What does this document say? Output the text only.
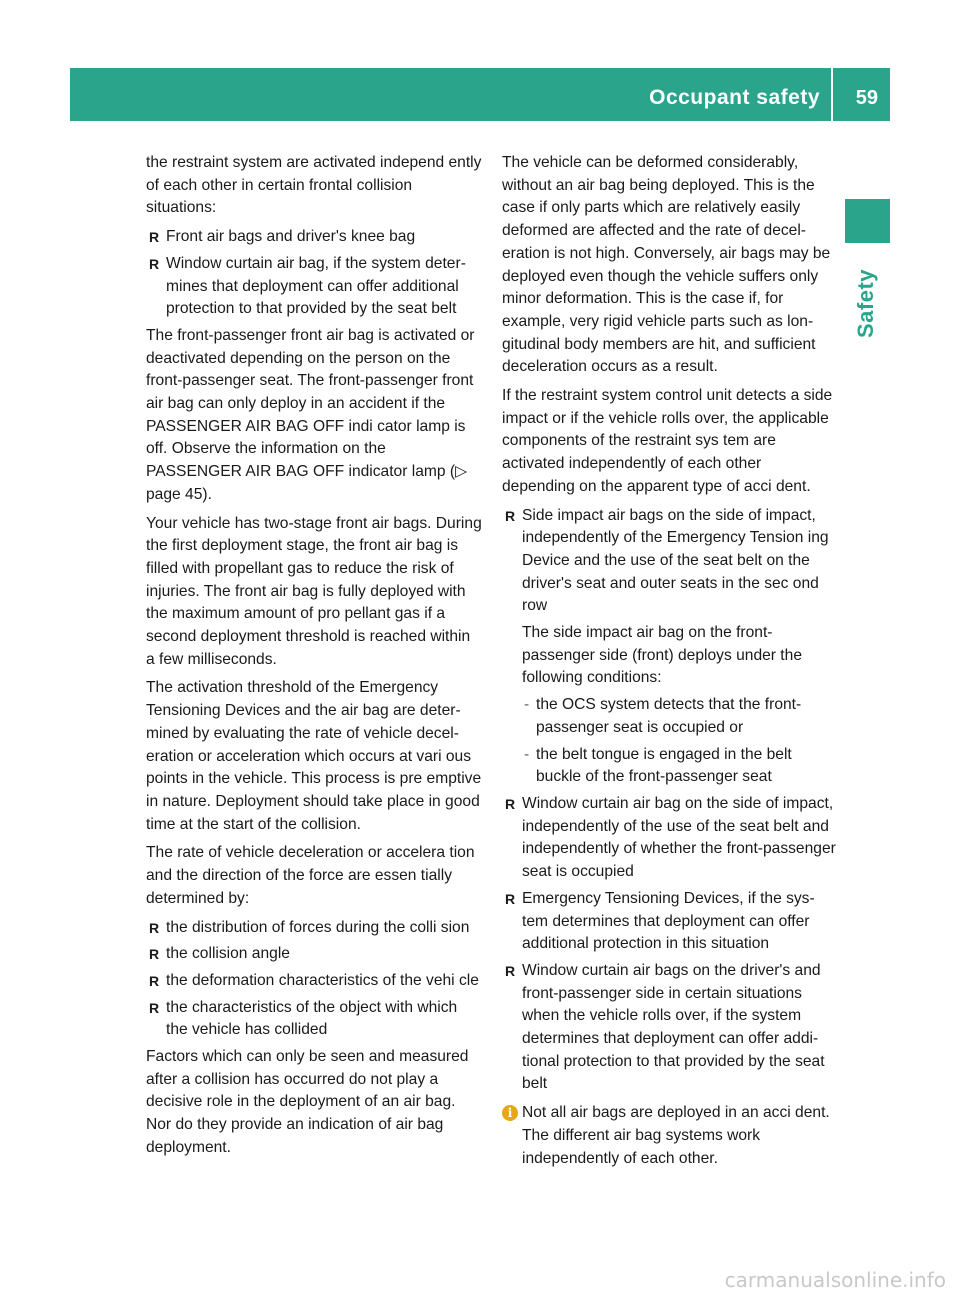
Occupant safety 59
Safety

the restraint system are activated independ ently of each other in certain frontal collision situations:

R Front air bags and driver's knee bag
R Window curtain air bag, if the system deter mines that deployment can offer additional protection to that provided by the seat belt

The front-passenger front air bag is activated or deactivated depending on the person on the front-passenger seat. The front-passenger front air bag can only deploy in an accident if the PASSENGER AIR BAG OFF indi cator lamp is off. Observe the information on the PASSENGER AIR BAG OFF indicator lamp (▷ page 45).

Your vehicle has two-stage front air bags. During the first deployment stage, the front air bag is filled with propellant gas to reduce the risk of injuries. The front air bag is fully deployed with the maximum amount of pro pellant gas if a second deployment threshold is reached within a few milliseconds.

The activation threshold of the Emergency Tensioning Devices and the air bag are deter mined by evaluating the rate of vehicle decel eration or acceleration which occurs at vari ous points in the vehicle. This process is pre emptive in nature. Deployment should take place in good time at the start of the collision.

The rate of vehicle deceleration or accelera tion and the direction of the force are essen tially determined by:

R the distribution of forces during the colli sion
R the collision angle
R the deformation characteristics of the vehi cle
R the characteristics of the object with which the vehicle has collided

Factors which can only be seen and measured after a collision has occurred do not play a decisive role in the deployment of an air bag. Nor do they provide an indication of air bag deployment.

The vehicle can be deformed considerably, without an air bag being deployed. This is the case if only parts which are relatively easily deformed are affected and the rate of decel eration is not high. Conversely, air bags may be deployed even though the vehicle suffers only minor deformation. This is the case if, for example, very rigid vehicle parts such as lon gitudinal body members are hit, and sufficient deceleration occurs as a result.

If the restraint system control unit detects a side impact or if the vehicle rolls over, the applicable components of the restraint sys tem are activated independently of each other depending on the apparent type of acci dent.

R Side impact air bags on the side of impact, independently of the Emergency Tension ing Device and the use of the seat belt on the driver's seat and outer seats in the sec ond row
The side impact air bag on the front-passenger side (front) deploys under the following conditions:
- the OCS system detects that the front-passenger seat is occupied or
- the belt tongue is engaged in the belt buckle of the front-passenger seat
R Window curtain air bag on the side of impact, independently of the use of the seat belt and independently of whether the front-passenger seat is occupied
R Emergency Tensioning Devices, if the sys tem determines that deployment can offer additional protection in this situation
R Window curtain air bags on the driver's and front-passenger side in certain situations when the vehicle rolls over, if the system determines that deployment can offer addi tional protection to that provided by the seat belt
i Not all air bags are deployed in an acci dent. The different air bag systems work independently of each other.
carmanualsonline.info
